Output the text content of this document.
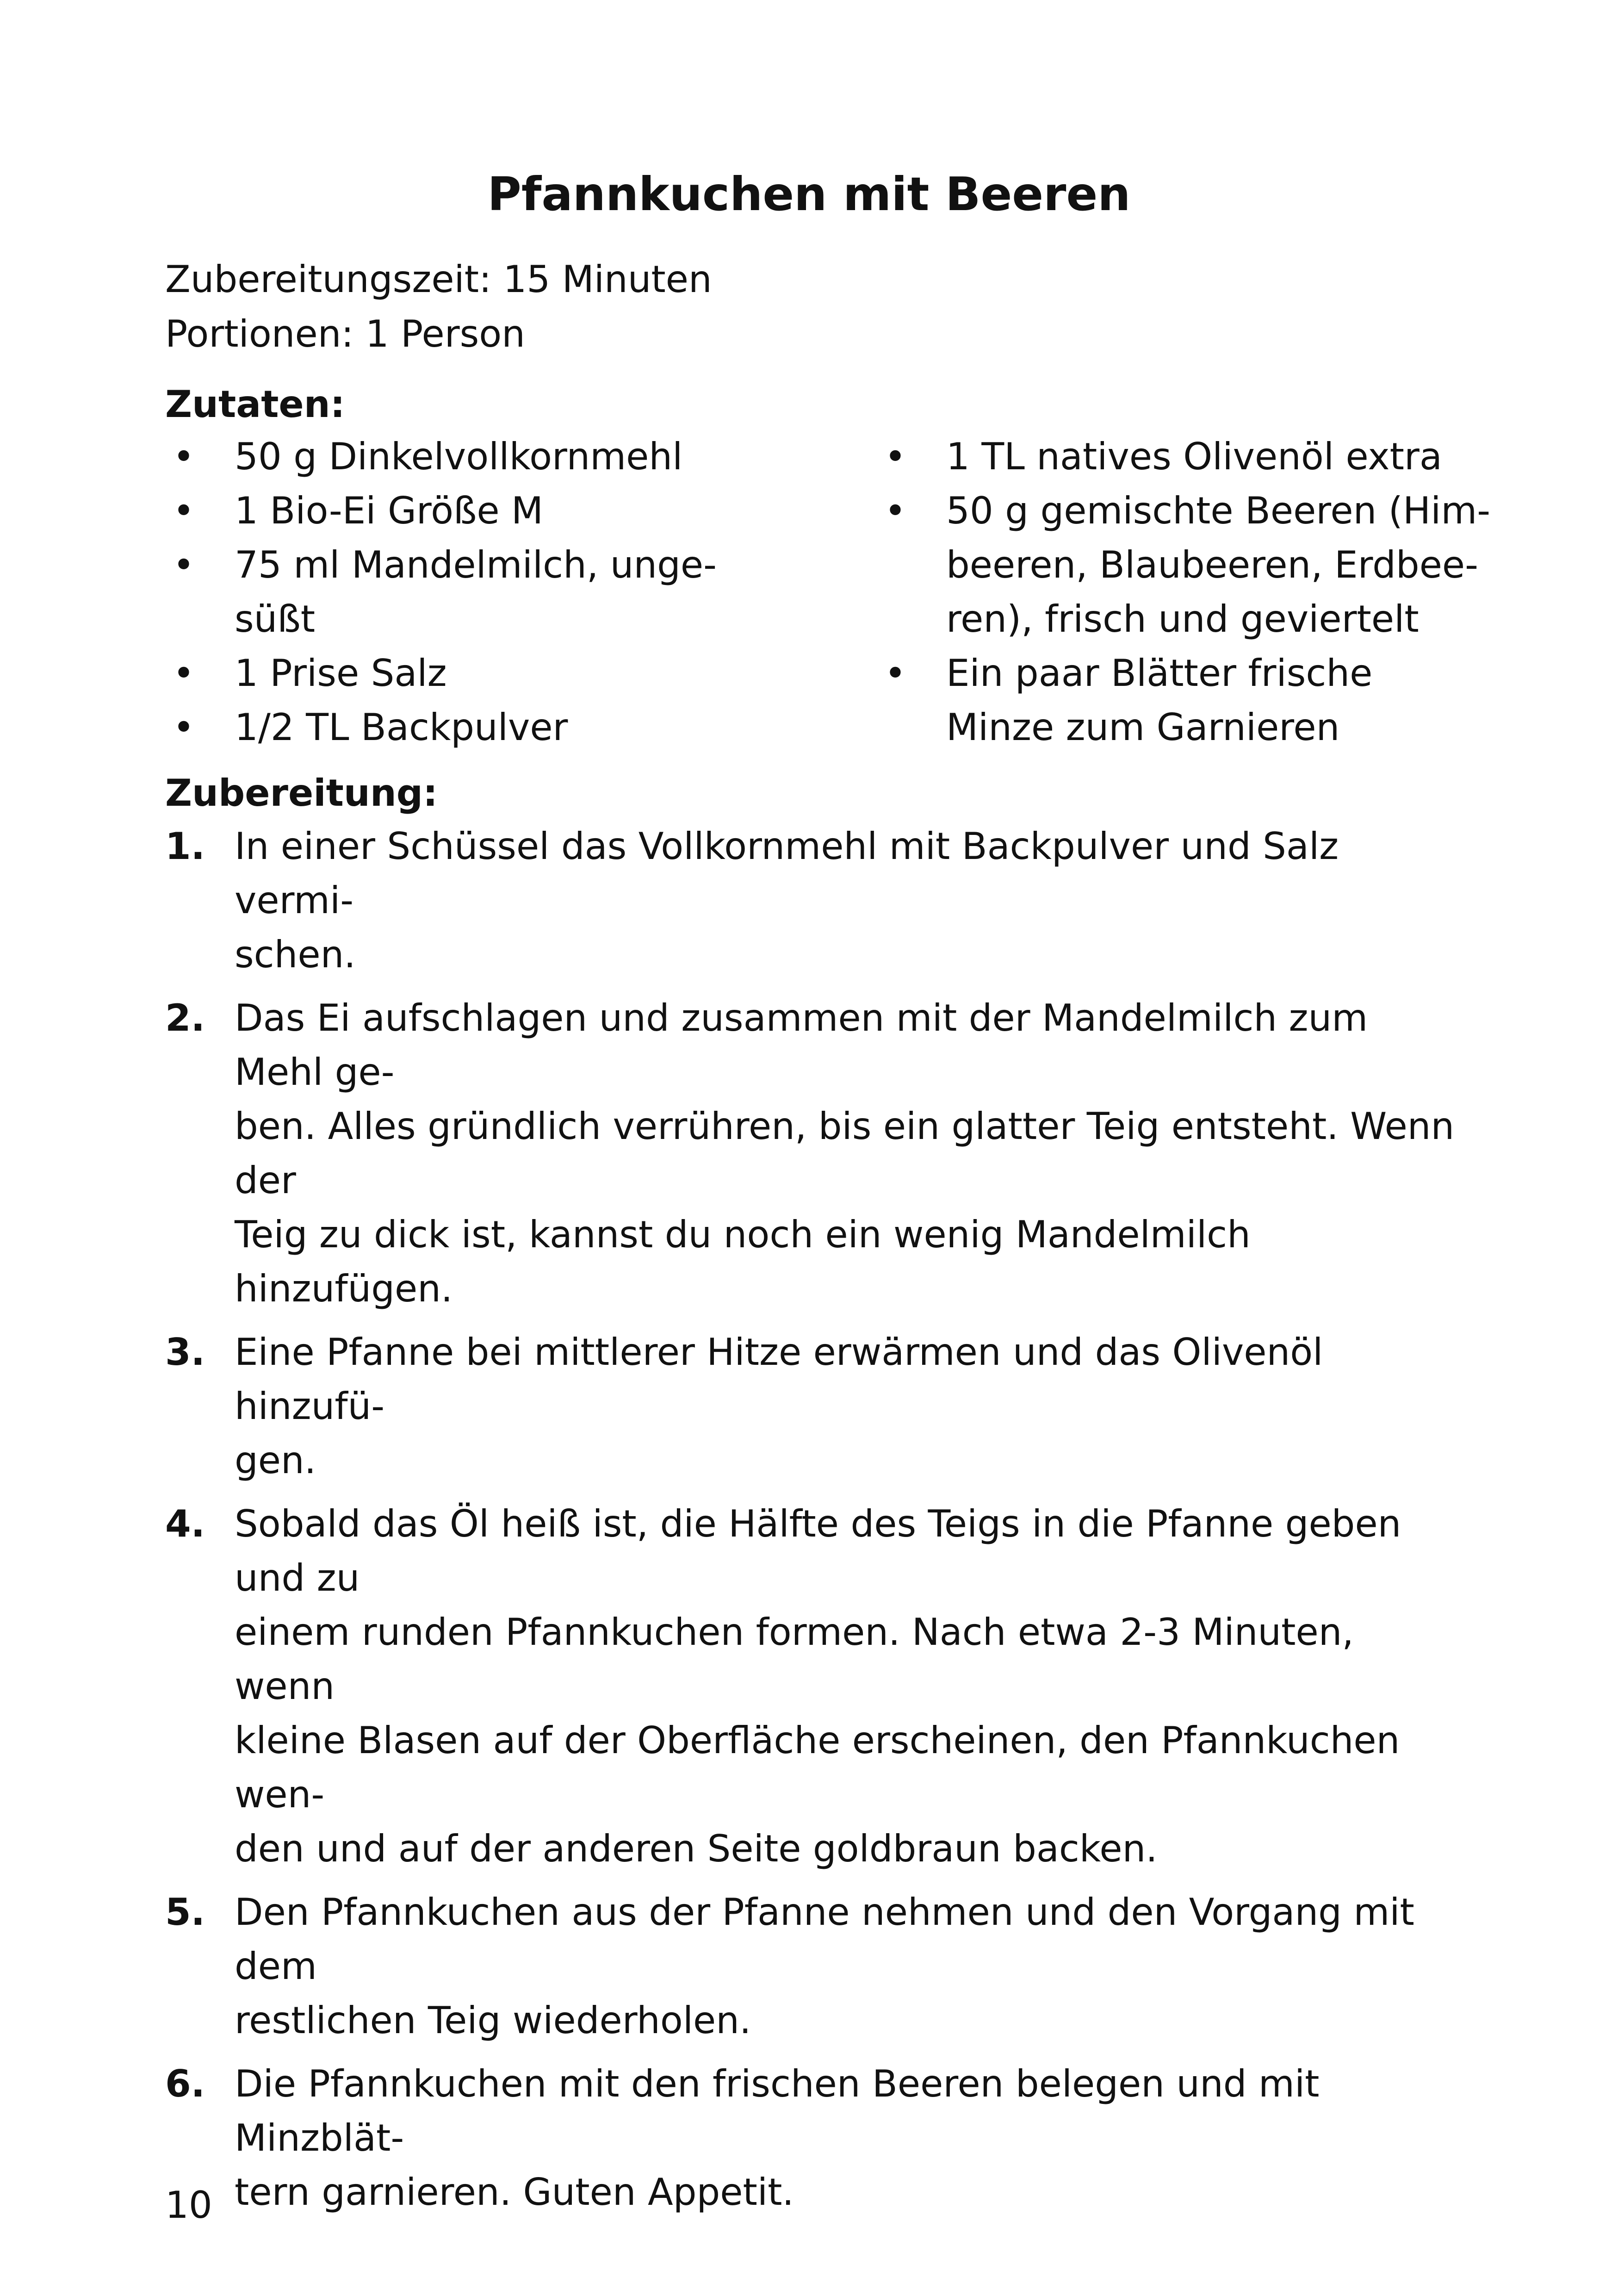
Pfannkuchen mit Beeren
Zubereitungszeit: 15 Minuten
Portionen: 1 Person
Zutaten:
• 50 g Dinkelvollkornmehl
• 1 Bio-Ei Größe M
• 75 ml Mandelmilch, unge-
süßt
• 1 Prise Salz
• 1/2 TL Backpulver
• 1 TL natives Olivenöl extra
• 50 g gemischte Beeren (Him-
beeren, Blaubeeren, Erdbee-
ren), frisch und geviertelt
• Ein paar Blätter frische
Minze zum Garnieren
Zubereitung:
1. In einer Schüssel das Vollkornmehl mit Backpulver und Salz vermi-
schen.
2. Das Ei aufschlagen und zusammen mit der Mandelmilch zum Mehl ge-
ben. Alles gründlich verrühren, bis ein glatter Teig entsteht. Wenn der
Teig zu dick ist, kannst du noch ein wenig Mandelmilch hinzufügen.
3. Eine Pfanne bei mittlerer Hitze erwärmen und das Olivenöl hinzufü-
gen.
4. Sobald das Öl heiß ist, die Hälfte des Teigs in die Pfanne geben und zu
einem runden Pfannkuchen formen. Nach etwa 2-3 Minuten, wenn
kleine Blasen auf der Oberfläche erscheinen, den Pfannkuchen wen-
den und auf der anderen Seite goldbraun backen.
5. Den Pfannkuchen aus der Pfanne nehmen und den Vorgang mit dem
restlichen Teig wiederholen.
6. Die Pfannkuchen mit den frischen Beeren belegen und mit Minzblät-
tern garnieren. Guten Appetit.
10
